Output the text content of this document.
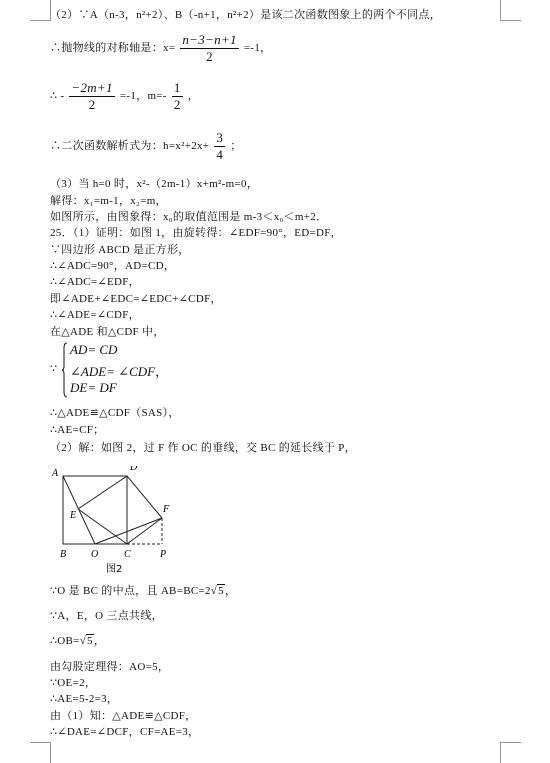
（2）∵A（n-3，n²+2）、B（-n+1，n²+2）是该二次函数图象上的两个不同点，
∴抛物线的对称轴是：$x= \frac{n-3-n+1}{2} =-1$，
∴ - $\frac{-2m+1}{2} =-1$，$m=- \frac{1}{2}$ ，
∴二次函数解析式为：$h=x^2+2x+ \frac{3}{4}$ ；
（3）当 h=0 时，x²-（2m-1）x+m²-m=0，
解得：x₁=m-1，x₂=m，
如图所示，由图象得：x₀的取值范围是 m-3＜x₀＜m+2．
25．（1）证明：如图 1，由旋转得：∠EDF=90°，ED=DF，
∵四边形 ABCD 是正方形，
∴∠ADC=90°，AD=CD，
∴∠ADC=∠EDF，
即∠ADE+∠EDC=∠EDC+∠CDF，
∴∠ADE=∠CDF，
在△ADE 和△CDF 中，
∵
AD= CD
∠ADE= ∠CDF，
DE= DF
∴△ADE≌△CDF（SAS），
∴AE=CF；
（2）解：如图 2，过 F 作 OC 的垂线，交 BC 的延长线于 P，
A
D
E
F
B O	C	P
图2
∵O 是 BC 的中点，且 AB=BC=2√5，
∵A，E，O 三点共线，
∴OB=√5，
由勾股定理得：AO=5，
∵OE=2，
∴AE=5-2=3，
由（1）知：△ADE≌△CDF，
∴∠DAE=∠DCF，CF=AE=3，
